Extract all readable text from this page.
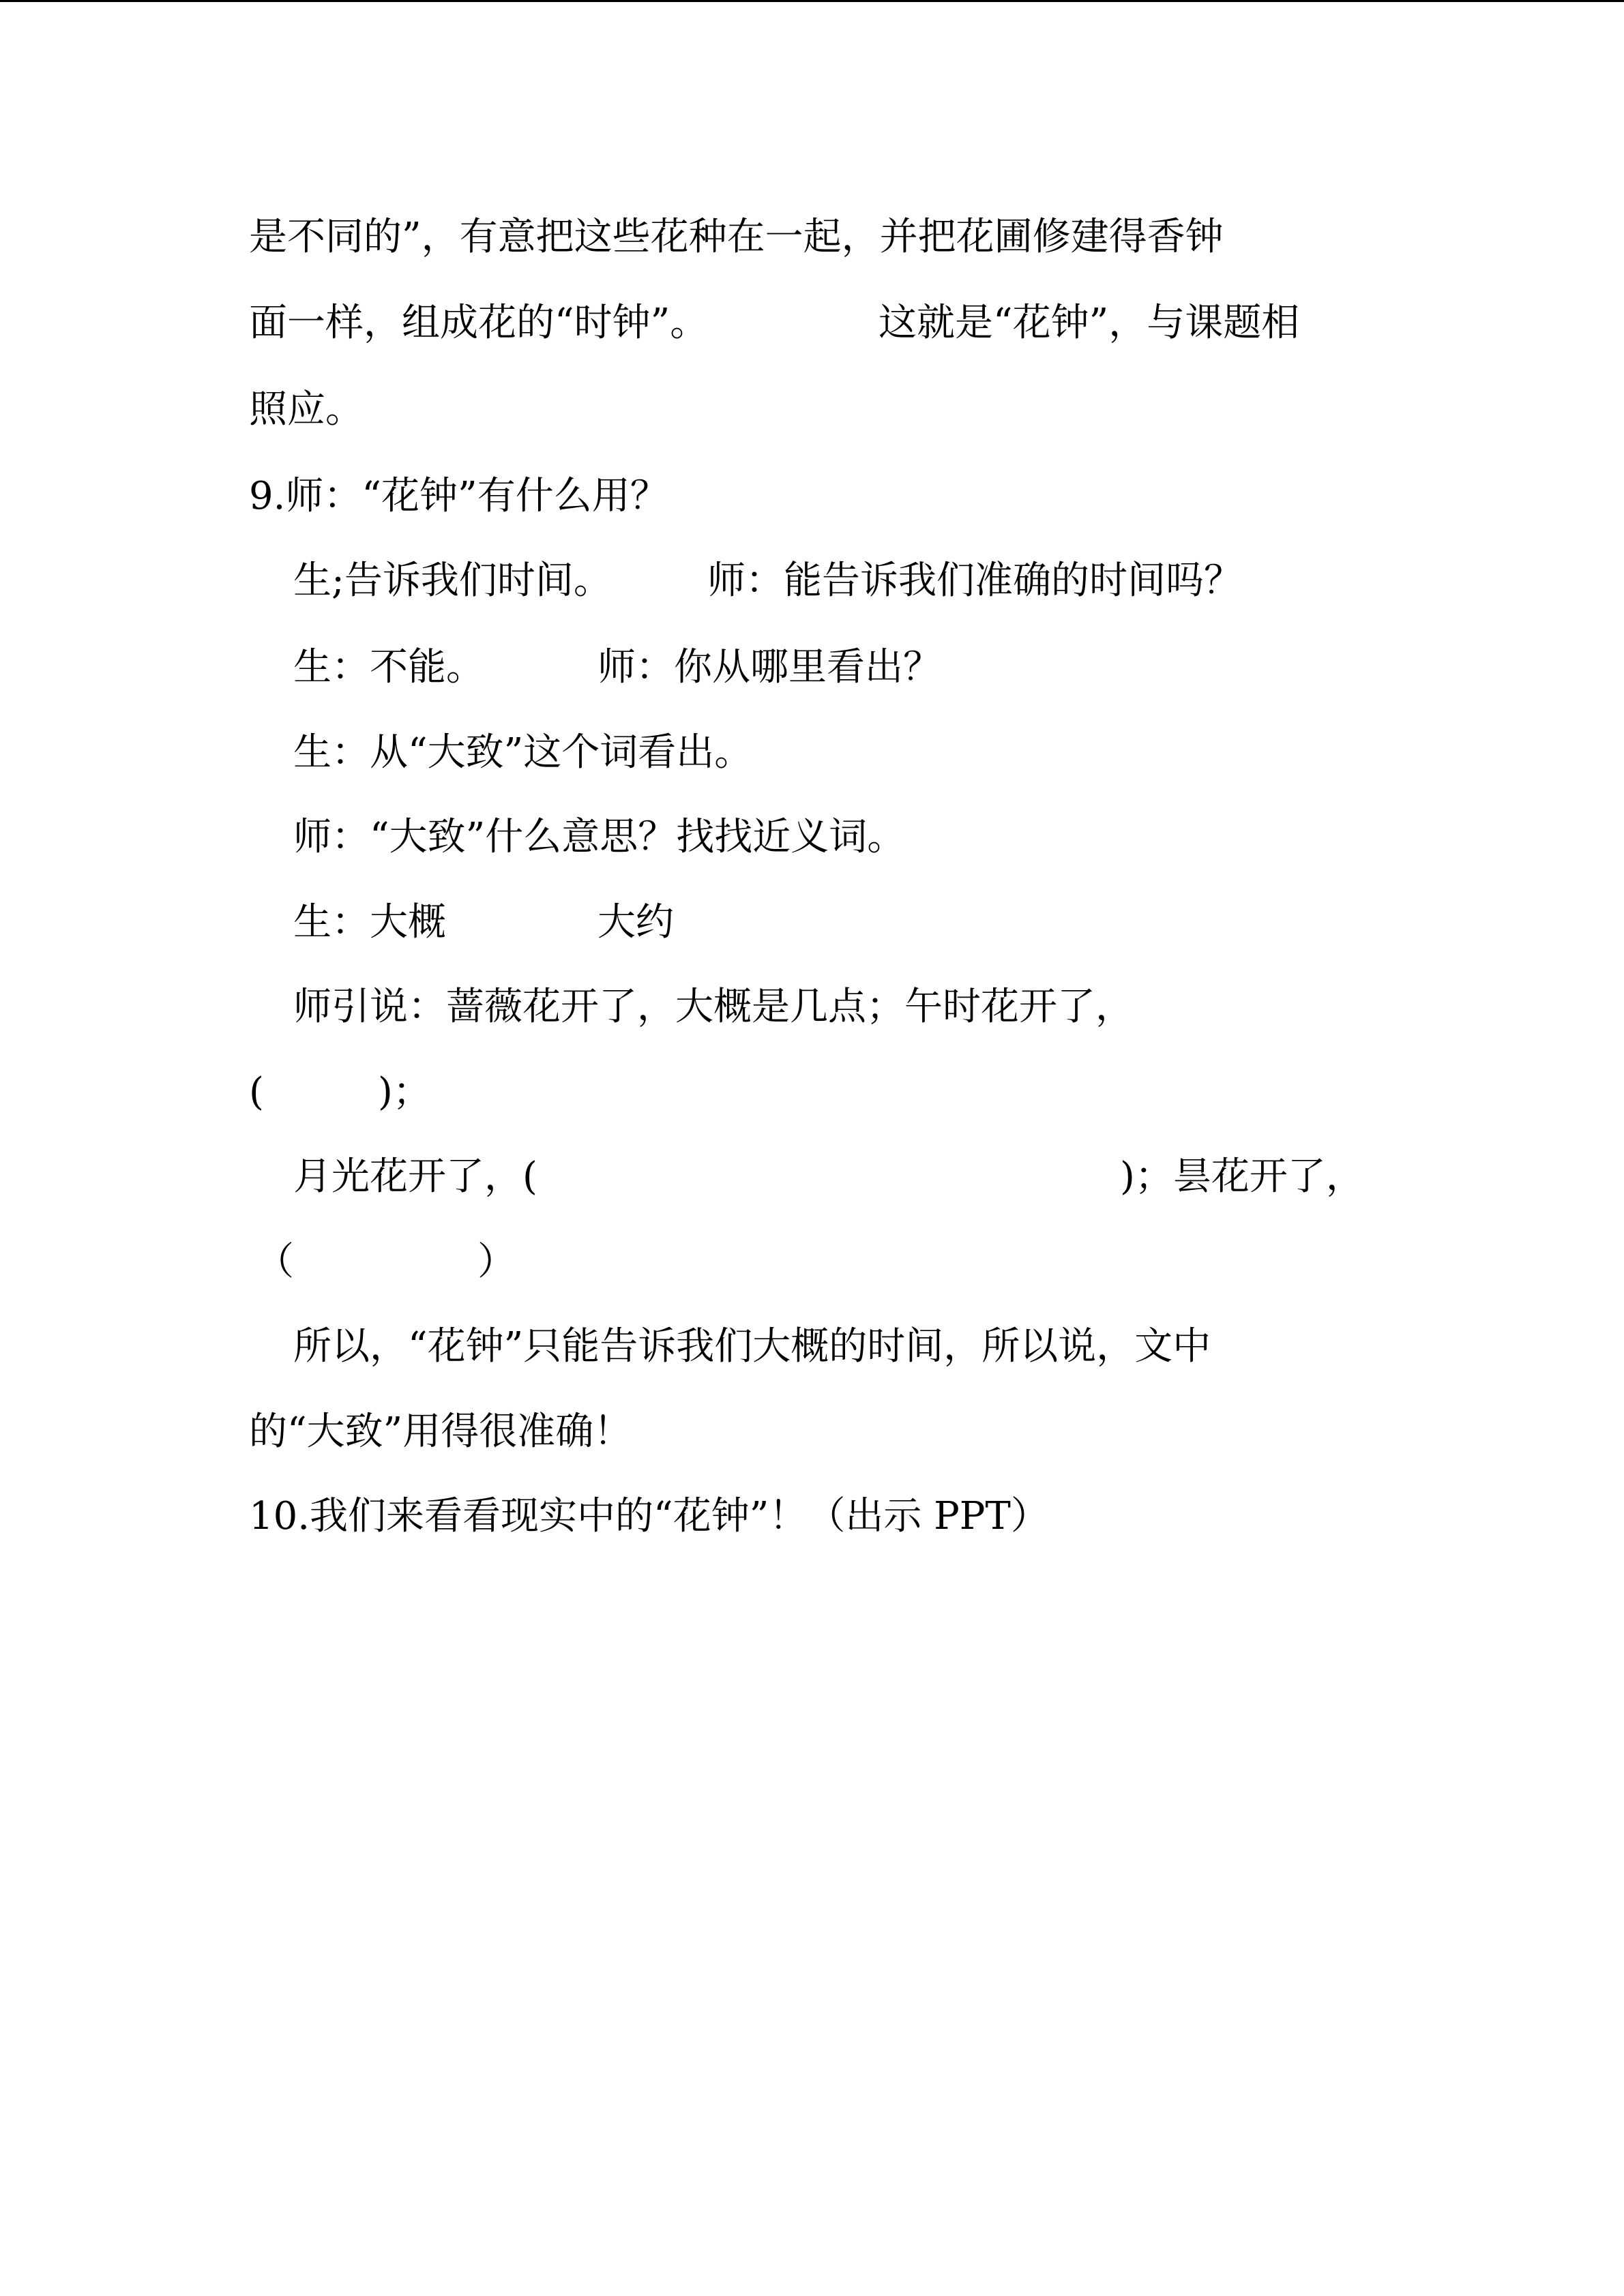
是不同的”，有意把这些花种在一起，并把花圃修建得香钟
面一样，组成花的“时钟”。	这就是“花钟”，与课题相
照应。
9.师：“花钟”有什么用？
生;告诉我们时间。	师：能告诉我们准确的时间吗？
生：不能。	师：你从哪里看出？
生：从“大致”这个词看出。
师：“大致”什么意思？找找近义词。
生：大概	大约
师引说：蔷薇花开了，大概是几点；午时花开了，
(	)；
月光花开了，(	)；昙花开了，
（	）
所以，“花钟”只能告诉我们大概的时间，所以说，文中
的“大致”用得很准确！
10.我们来看看现实中的“花钟”！（出示 PPT）
